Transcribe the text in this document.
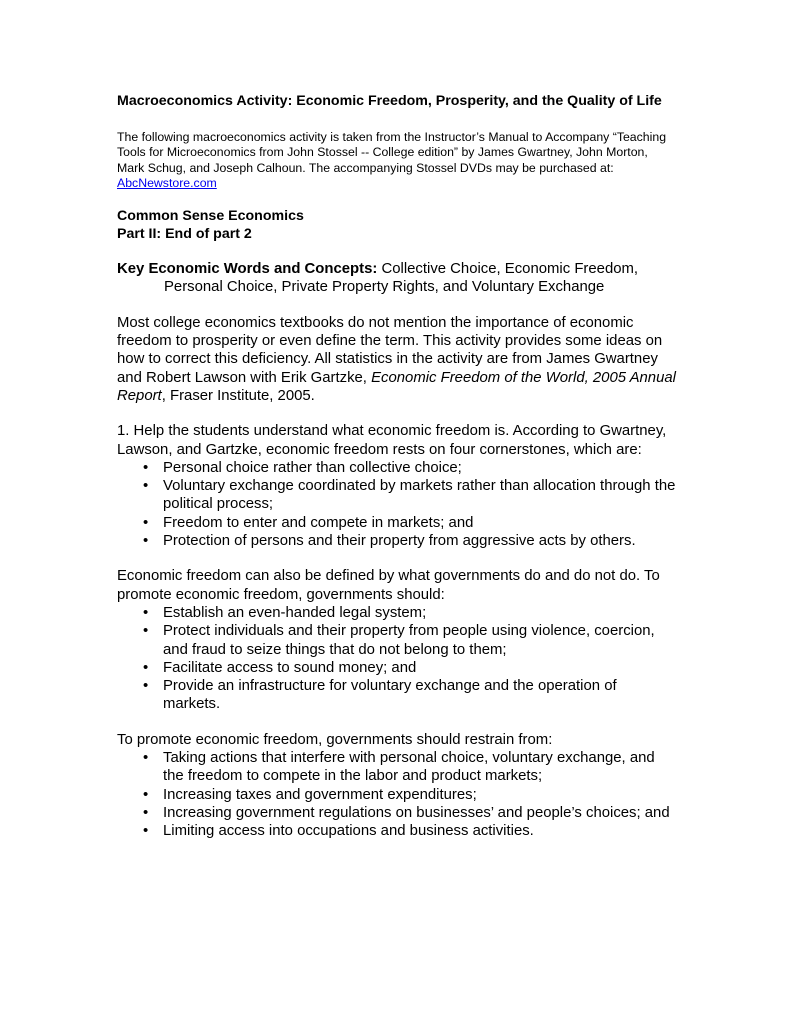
Macroeconomics Activity: Economic Freedom, Prosperity, and the Quality of Life

The following macroeconomics activity is taken from the Instructor’s Manual to Accompany “Teaching Tools for Microeconomics from John Stossel -- College edition” by James Gwartney, John Morton, Mark Schug, and Joseph Calhoun. The accompanying Stossel DVDs may be purchased at: AbcNewstore.com

Common Sense Economics
Part II: End of part 2

Key Economic Words and Concepts: Collective Choice, Economic Freedom, Personal Choice, Private Property Rights, and Voluntary Exchange

Most college economics textbooks do not mention the importance of economic freedom to prosperity or even define the term. This activity provides some ideas on how to correct this deficiency. All statistics in the activity are from James Gwartney and Robert Lawson with Erik Gartzke, Economic Freedom of the World, 2005 Annual Report, Fraser Institute, 2005.

1. Help the students understand what economic freedom is. According to Gwartney, Lawson, and Gartzke, economic freedom rests on four cornerstones, which are:

• Personal choice rather than collective choice;
• Voluntary exchange coordinated by markets rather than allocation through the political process;
• Freedom to enter and compete in markets; and
• Protection of persons and their property from aggressive acts by others.

Economic freedom can also be defined by what governments do and do not do. To promote economic freedom, governments should:

• Establish an even-handed legal system;
• Protect individuals and their property from people using violence, coercion, and fraud to seize things that do not belong to them;
• Facilitate access to sound money; and
• Provide an infrastructure for voluntary exchange and the operation of markets.

To promote economic freedom, governments should restrain from:

• Taking actions that interfere with personal choice, voluntary exchange, and the freedom to compete in the labor and product markets;
• Increasing taxes and government expenditures;
• Increasing government regulations on businesses’ and people’s choices; and
• Limiting access into occupations and business activities.
